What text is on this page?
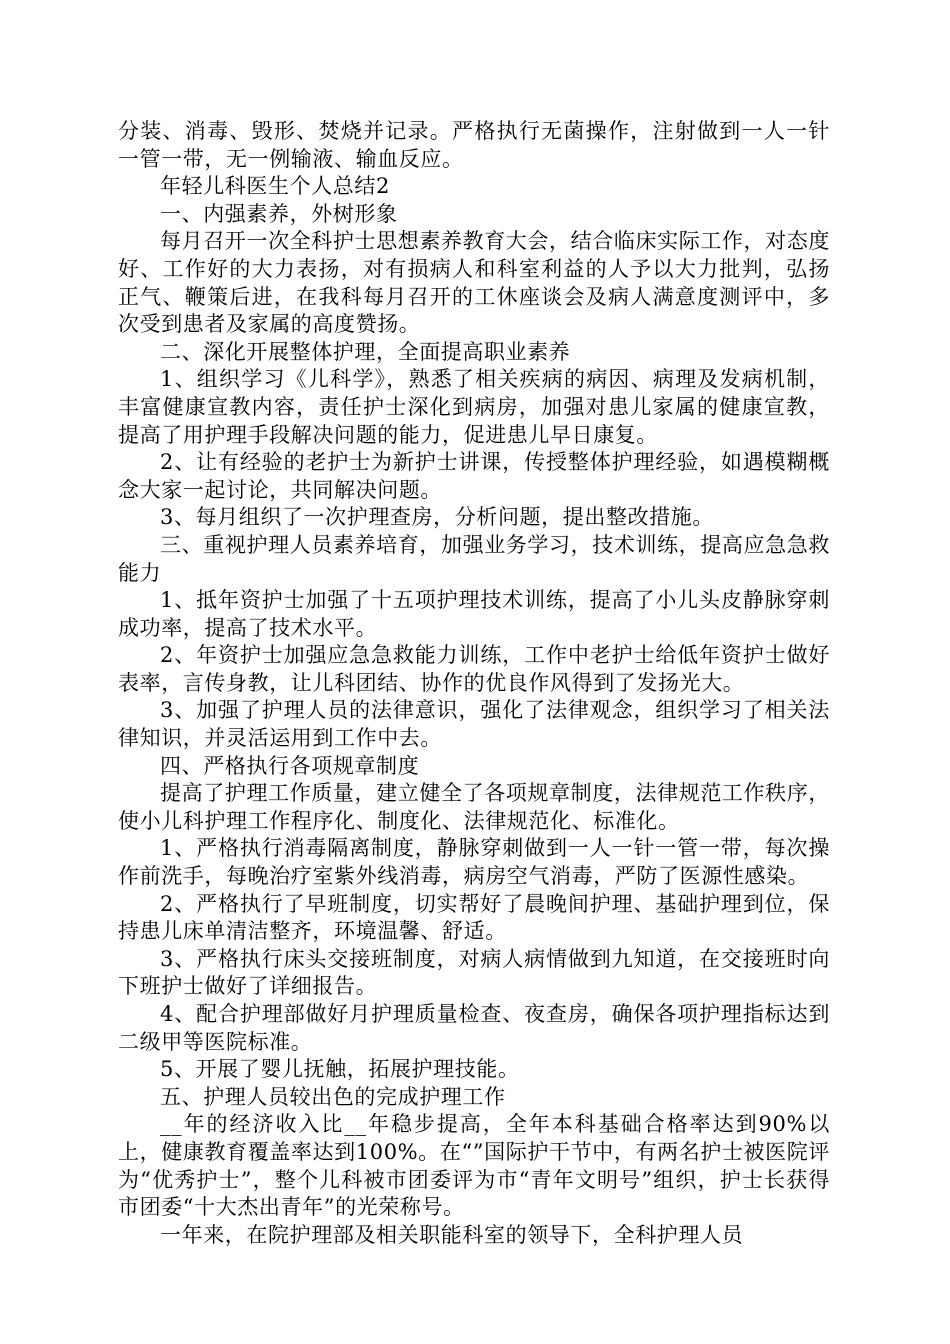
分装、消毒、毁形、焚烧并记录。严格执行无菌操作，注射做到一人一针一管一带，无一例输液、输血反应。

年轻儿科医生个人总结2

一、内强素养，外树形象

每月召开一次全科护士思想素养教育大会，结合临床实际工作，对态度好、工作好的大力表扬，对有损病人和科室利益的人予以大力批判，弘扬正气、鞭策后进，在我科每月召开的工休座谈会及病人满意度测评中，多次受到患者及家属的高度赞扬。

二、深化开展整体护理，全面提高职业素养

1、组织学习《儿科学》，熟悉了相关疾病的病因、病理及发病机制，丰富健康宣教内容，责任护士深化到病房，加强对患儿家属的健康宣教，提高了用护理手段解决问题的能力，促进患儿早日康复。

2、让有经验的老护士为新护士讲课，传授整体护理经验，如遇模糊概念大家一起讨论，共同解决问题。

3、每月组织了一次护理查房，分析问题，提出整改措施。

三、重视护理人员素养培育，加强业务学习，技术训练，提高应急急救能力

1、抵年资护士加强了十五项护理技术训练，提高了小儿头皮静脉穿刺成功率，提高了技术水平。

2、年资护士加强应急急救能力训练，工作中老护士给低年资护士做好表率，言传身教，让儿科团结、协作的优良作风得到了发扬光大。

3、加强了护理人员的法律意识，强化了法律观念，组织学习了相关法律知识，并灵活运用到工作中去。

四、严格执行各项规章制度

提高了护理工作质量，建立健全了各项规章制度，法律规范工作秩序，使小儿科护理工作程序化、制度化、法律规范化、标准化。

1、严格执行消毒隔离制度，静脉穿刺做到一人一针一管一带，每次操作前洗手，每晚治疗室紫外线消毒，病房空气消毒，严防了医源性感染。

2、严格执行了早班制度，切实帮好了晨晚间护理、基础护理到位，保持患儿床单清洁整齐，环境温馨、舒适。

3、严格执行床头交接班制度，对病人病情做到九知道，在交接班时向下班护士做好了详细报告。

4、配合护理部做好月护理质量检查、夜查房，确保各项护理指标达到二级甲等医院标准。

5、开展了婴儿抚触，拓展护理技能。

五、护理人员较出色的完成护理工作

__年的经济收入比__年稳步提高，全年本科基础合格率达到90%以上，健康教育覆盖率达到100%。在“”国际护干节中，有两名护士被医院评为“优秀护士”，整个儿科被市团委评为市“青年文明号”组织，护士长获得市团委“十大杰出青年”的光荣称号。

一年来，在院护理部及相关职能科室的领导下，全科护理人员
